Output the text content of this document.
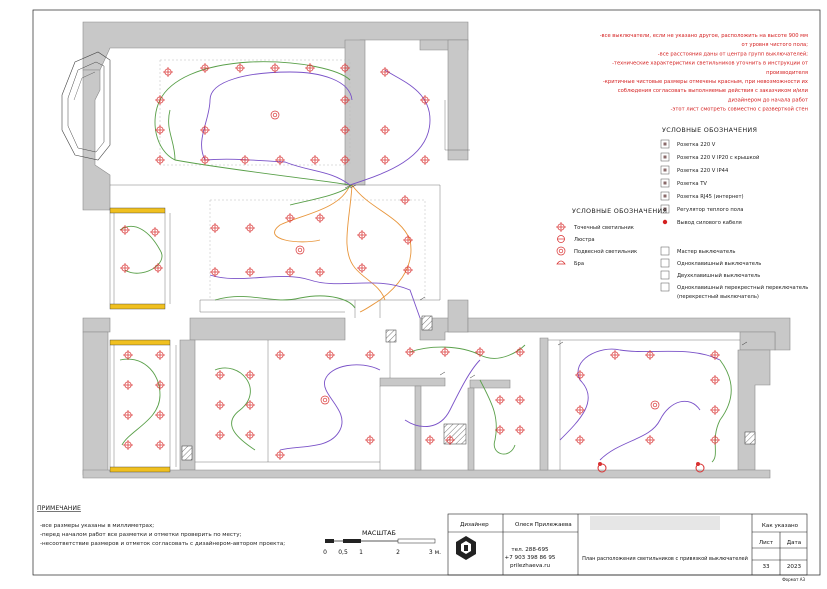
-все выключатели, если не указано другое, расположить на высоте 900 мм
от уровня чистого пола;
-все расстояния даны от центра групп выключателей;
-технические характеристики светильников уточнить в инструкции от
производителя
-критичные чистовые размеры отмечены красным, при невозможности их
соблюдения согласовать выполняемые действия с заказчиком и/или
дизайнером до начала работ
-этот лист смотреть совместно с разверткой стен
УСЛОВНЫЕ ОБОЗНАЧЕНИЯ
Розетка 220 V
Розетка 220 V IP20 с крышкой
Розетка 220 V IP44
Розетка TV
Розетка RJ45 (интернет)
Регулятор теплого пола
Вывод силового кабеля
УСЛОВНЫЕ ОБОЗНАЧЕНИЯ
Точечный светильник
Люстра
Подвесной светильник
Бра
Мастер выключатель
Одноклавишный выключатель
Двухклавишный выключатель
Одноклавишный перекрестный переключатель
(перекрестный выключатель)
ПРИМЕЧАНИЕ
-все размеры указаны в миллиметрах;
-перед началом работ все разметки и отметки проверить по месту;
-несоответствие размеров и отметок согласовать с дизайнером-автором проекта;
МАСШТАБ
0 0,5 1	2	3 м.
Дизайнер	Олеся Прилежаева
тел. 288-695
+7 903 398 86 95
prilezhaeva.ru
План расположения светильников с привязкой выключателей
Как указано
Лист Дата
33	2023
Формат А3
